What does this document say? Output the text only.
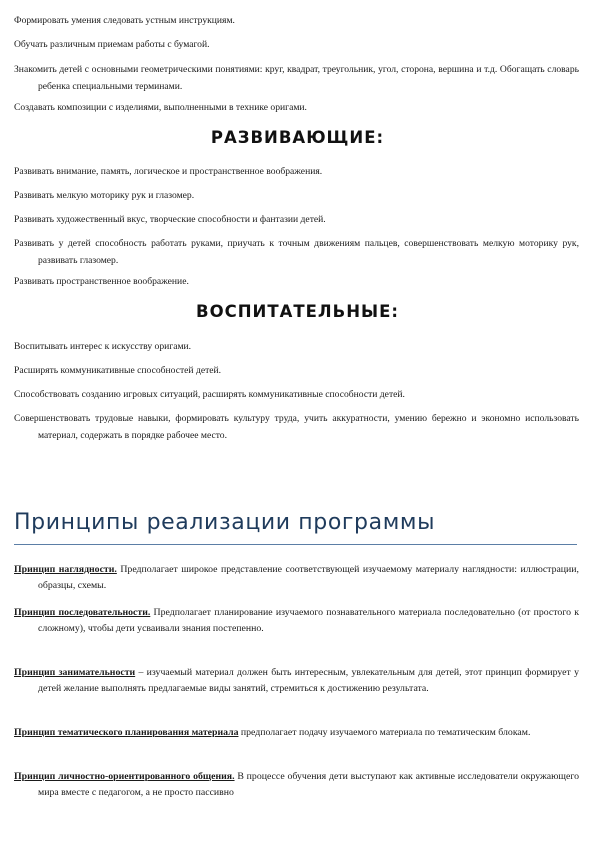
Формировать умения следовать устным инструкциям.

Обучать различным приемам работы с бумагой.

Знакомить детей с основными геометрическими понятиями: круг, квадрат, треугольник, угол, сторона, вершина и т.д. Обогащать словарь ребенка специальными терминами.

Создавать композиции с изделиями, выполненными в технике оригами.

РАЗВИВАЮЩИЕ:

Развивать внимание, память, логическое и пространственное воображения.

Развивать мелкую моторику рук и глазомер.

Развивать художественный вкус, творческие способности и фантазии детей.

Развивать у детей способность работать руками, приучать к точным движениям пальцев, совершенствовать мелкую моторику рук, развивать глазомер.

Развивать пространственное воображение.

ВОСПИТАТЕЛЬНЫЕ:

Воспитывать интерес к искусству оригами.

Расширять коммуникативные способностей детей.

Способствовать созданию игровых ситуаций, расширять коммуникативные способности детей.

Совершенствовать трудовые навыки, формировать культуру труда, учить аккуратности, умению бережно и экономно использовать материал, содержать в порядке рабочее место.

Принципы реализации программы

Принцип наглядности. Предполагает широкое представление соответствующей изучаемому материалу наглядности: иллюстрации, образцы, схемы.

Принцип последовательности. Предполагает планирование изучаемого познавательного материала последовательно (от простого к сложному), чтобы дети усваивали знания постепенно.

Принцип занимательности – изучаемый материал должен быть интересным, увлекательным для детей, этот принцип формирует у детей желание выполнять предлагаемые виды занятий, стремиться к достижению результата.

Принцип тематического планирования материала предполагает подачу изучаемого материала по тематическим блокам.

Принцип личностно-ориентированного общения. В процессе обучения дети выступают как активные исследователи окружающего мира вместе с педагогом, а не просто пассивно
